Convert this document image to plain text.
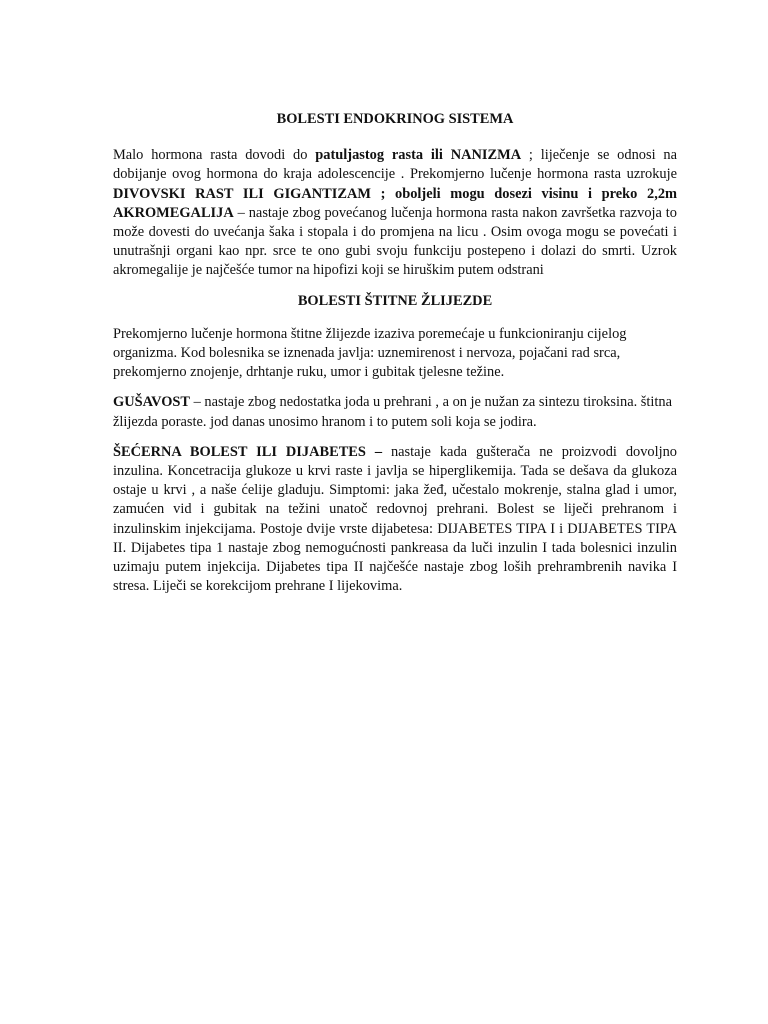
BOLESTI ENDOKRINOG SISTEMA

Malo hormona rasta dovodi do patuljastog rasta ili NANIZMA ; liječenje se odnosi na dobijanje ovog hormona do kraja adolescencije . Prekomjerno lučenje hormona rasta uzrokuje DIVOVSKI RAST ILI GIGANTIZAM ; oboljeli mogu dosezi visinu i preko 2,2m AKROMEGALIJA – nastaje zbog povećanog lučenja hormona rasta nakon završetka razvoja to može dovesti do uvećanja šaka i stopala i do promjena na licu . Osim ovoga mogu se povećati i unutrašnji organi kao npr. srce te ono gubi svoju funkciju postepeno i dolazi do smrti. Uzrok akromegalije je najčešće tumor na hipofizi koji se hiruškim putem odstrani

BOLESTI ŠTITNE ŽLIJEZDE

Prekomjerno lučenje hormona štitne žlijezde izaziva poremećaje u funkcioniranju cijelog organizma. Kod bolesnika se iznenada javlja: uznemirenost i nervoza, pojačani rad srca, prekomjerno znojenje, drhtanje ruku, umor i gubitak tjelesne težine.

GUŠAVOST – nastaje zbog nedostatka joda u prehrani , a on je nužan za sintezu tiroksina. štitna žlijezda poraste. jod danas unosimo hranom i to putem soli koja se jodira.

ŠEĆERNA BOLEST ILI DIJABETES – nastaje kada gušterača ne proizvodi dovoljno inzulina. Koncetracija glukoze u krvi raste i javlja se hiperglikemija. Tada se dešava da glukoza ostaje u krvi , a naše ćelije gladuju. Simptomi: jaka žeđ, učestalo mokrenje, stalna glad i umor, zamućen vid i gubitak na težini unatoč redovnoj prehrani. Bolest se liječi prehranom i inzulinskim injekcijama. Postoje dvije vrste dijabetesa: DIJABETES TIPA I i DIJABETES TIPA II. Dijabetes tipa 1 nastaje zbog nemogućnosti pankreasa da luči inzulin I tada bolesnici inzulin uzimaju putem injekcija. Dijabetes tipa II najčešće nastaje zbog loših prehrambrenih navika I stresa. Liječi se korekcijom prehrane I lijekovima.
